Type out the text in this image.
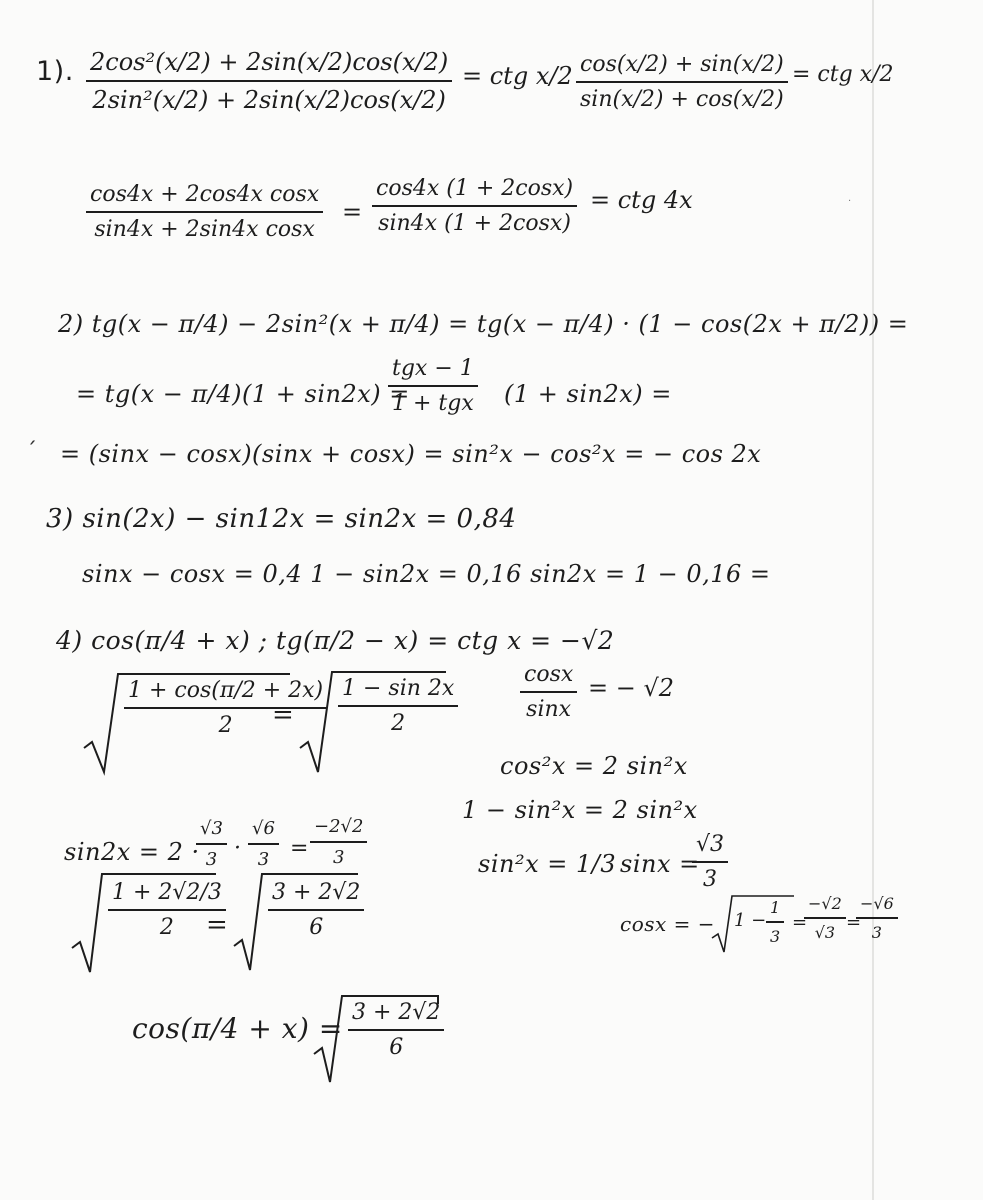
·
ˏ
1). 2cos²(x/2) + 2sin(x/2)cos(x/2)
2sin²(x/2) + 2sin(x/2)cos(x/2)
= ctg x/2 cos(x/2) + sin(x/2)
sin(x/2) + cos(x/2)
= ctg x/2
cos4x + 2cos4x cosx
sin4x + 2sin4x cosx
=
cos4x (1 + 2cosx)
sin4x (1 + 2cosx)
= ctg 4x
2) tg(x − π/4) − 2sin²(x + π/4) = tg(x − π/4) · (1 − cos(2x + π/2)) =
= tg(x − π/4)(1 + sin2x) =
tgx − 1
1 + tgx (1 + sin2x) =
= (sinx − cosx)(sinx + cosx) = sin²x − cos²x = − cos 2x
3) sin(2x) − sin12x = sin2x = 0,84
sinx − cosx = 0,4 1 − sin2x = 0,16 sin2x = 1 − 0,16 =
4) cos(π/4 + x) ; tg(π/2 − x) = ctg x = −√2
1 + cos(π/2 + 2x)
2 =
1 − sin 2x
2
cosx
sinx
= − √2
cos²x = 2 sin²x
1 − sin²x = 2 sin²x
sin²x = 1/3 sinx =
√3
3
sin2x = 2 ·
√3
3 ·
√6
3 =
−2√2
3
cosx = − 1 −
1
3
=
−√2
√3 =
−√6
3
1 + 2√2/3
2 =
3 + 2√2
6
cos(π/4 + x) = 3 + 2√2
6
